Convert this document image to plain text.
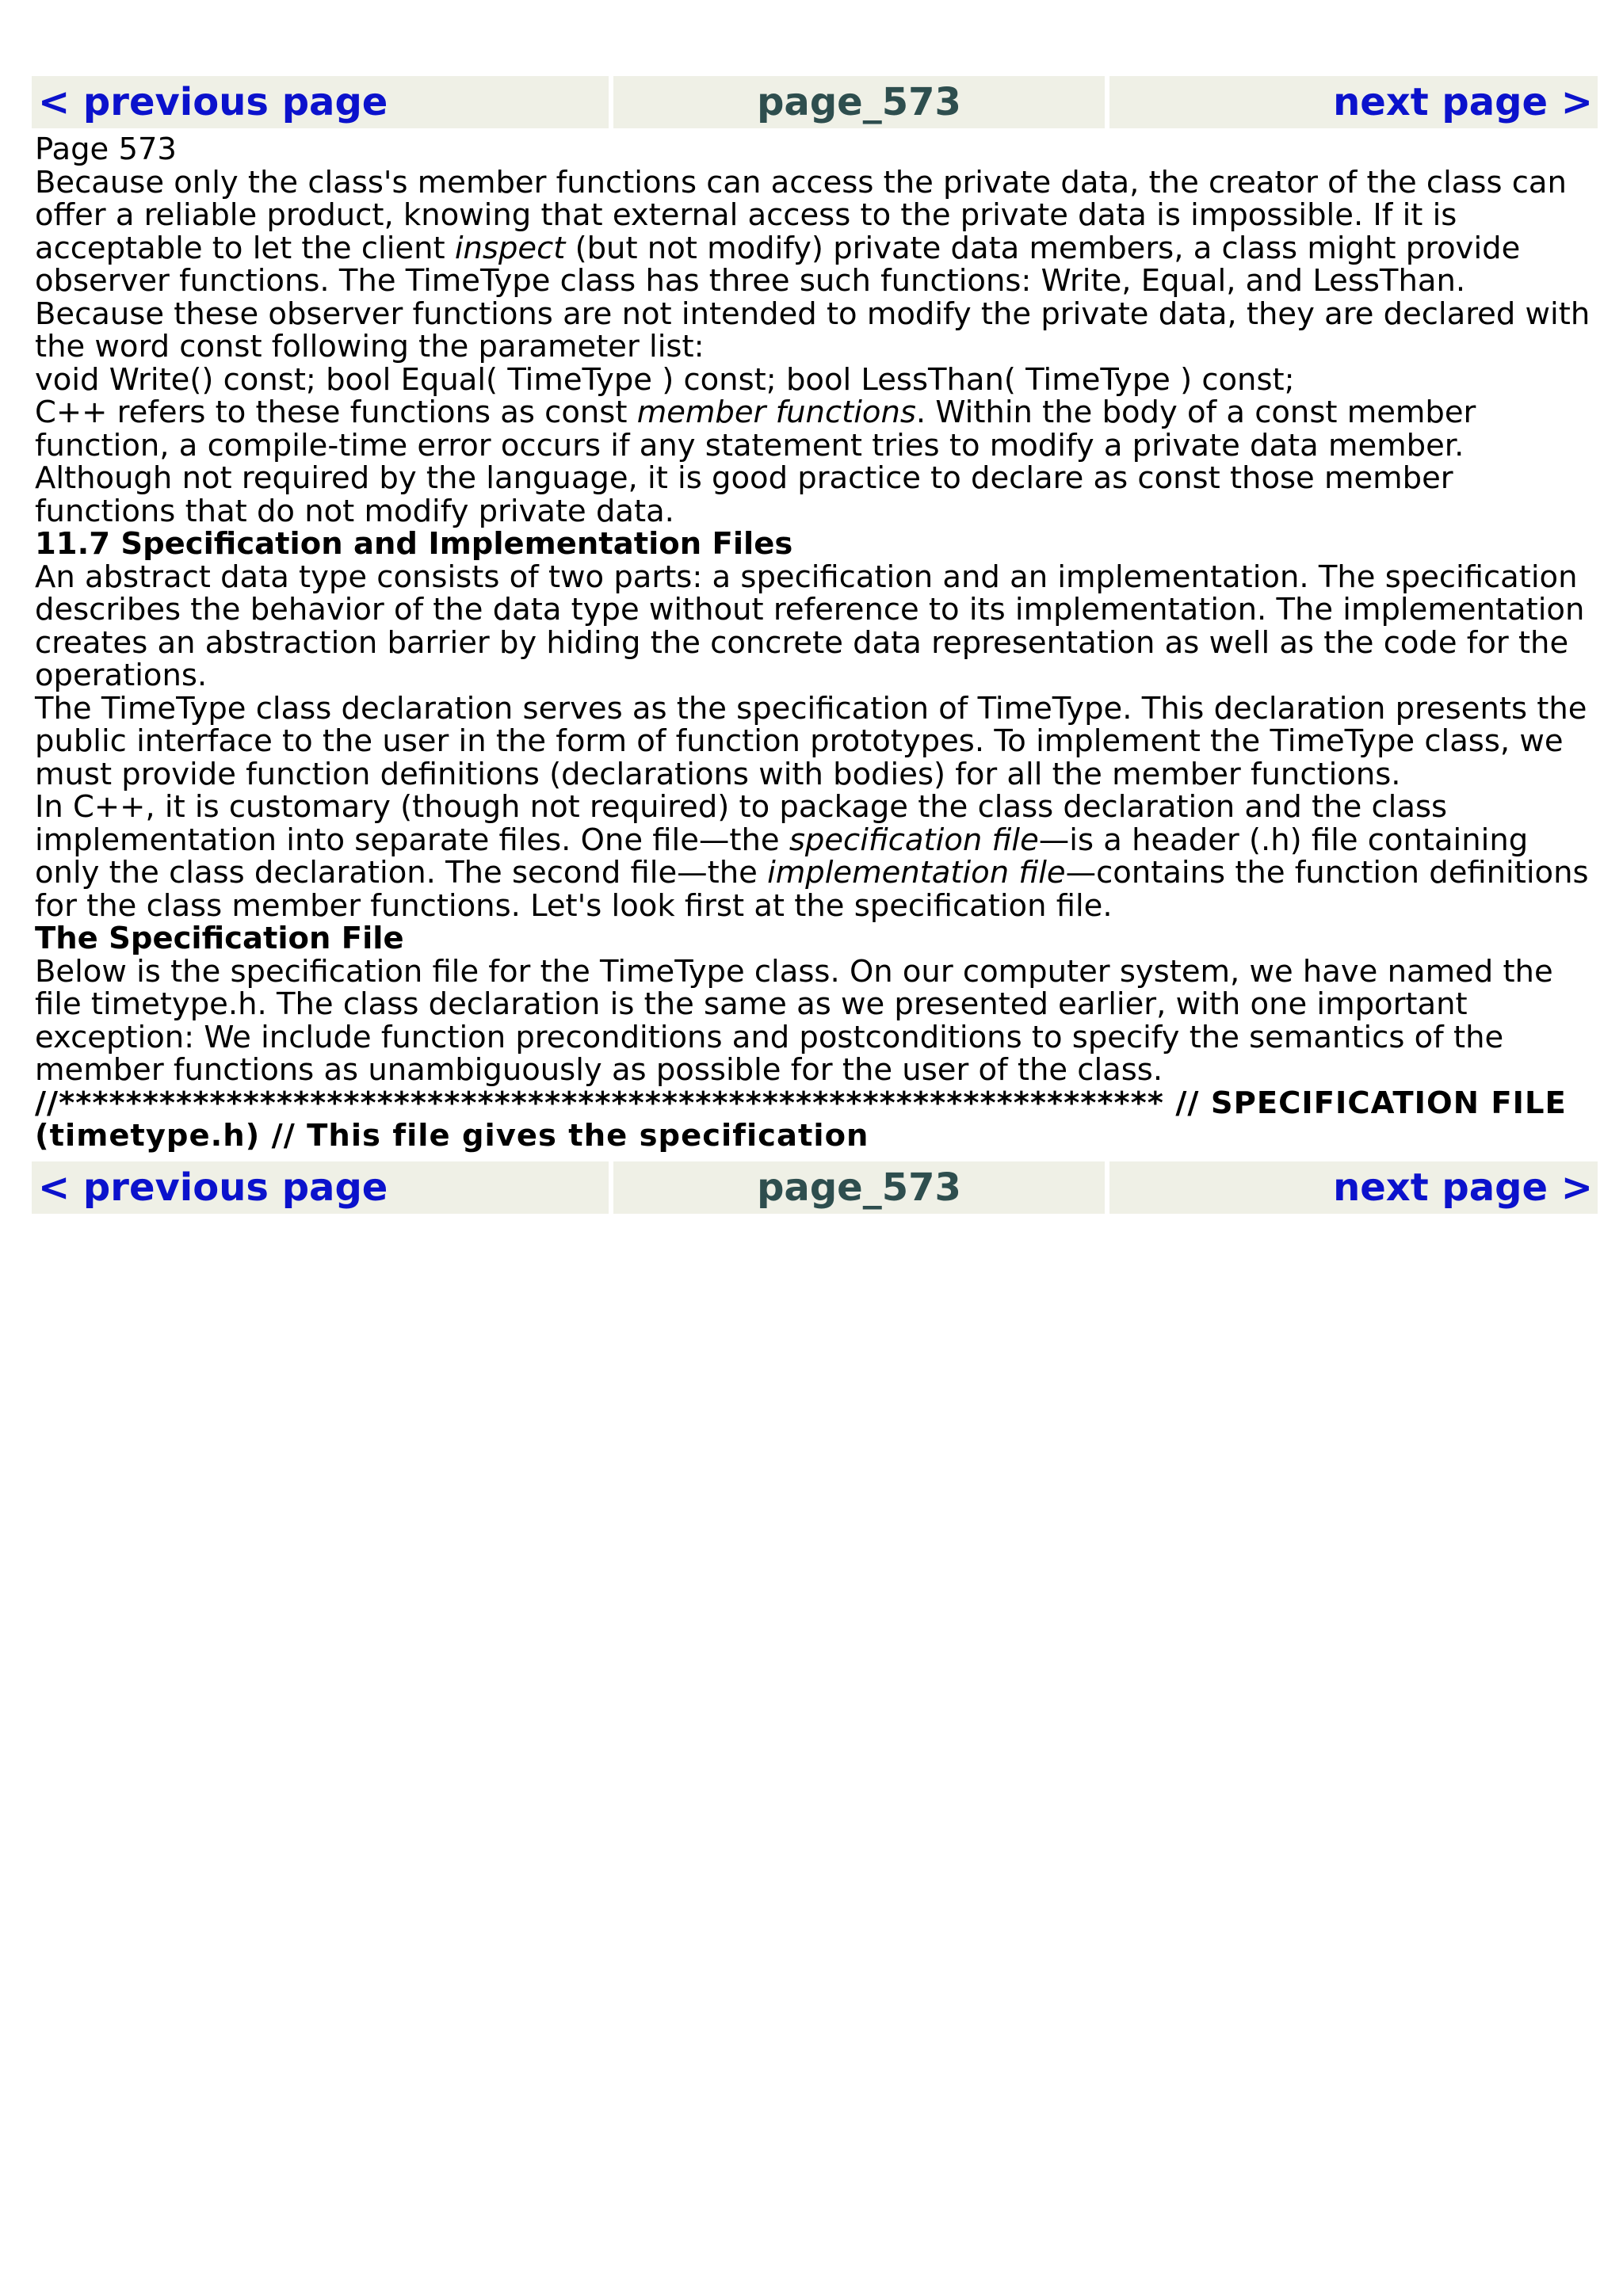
< previous page	page_573	next page >

Page 573

Because only the class's member functions can access the private data, the creator of the class can offer a reliable product, knowing that external access to the private data is impossible. If it is acceptable to let the client inspect (but not modify) private data members, a class might provide observer functions. The TimeType class has three such functions: Write, Equal, and LessThan. Because these observer functions are not intended to modify the private data, they are declared with the word const following the parameter list:

void Write() const; bool Equal( TimeType ) const; bool LessThan( TimeType ) const;

C++ refers to these functions as const member functions. Within the body of a const member function, a compile-time error occurs if any statement tries to modify a private data member. Although not required by the language, it is good practice to declare as const those member functions that do not modify private data.

11.7 Specification and Implementation Files

An abstract data type consists of two parts: a specification and an implementation. The specification describes the behavior of the data type without reference to its implementation. The implementation creates an abstraction barrier by hiding the concrete data representation as well as the code for the operations.

The TimeType class declaration serves as the specification of TimeType. This declaration presents the public interface to the user in the form of function prototypes. To implement the TimeType class, we must provide function definitions (declarations with bodies) for all the member functions.

In C++, it is customary (though not required) to package the class declaration and the class implementation into separate files. One file—the specification file—is a header (.h) file containing only the class declaration. The second file—the implementation file—contains the function definitions for the class member functions. Let's look first at the specification file.

The Specification File

Below is the specification file for the TimeType class. On our computer system, we have named the file timetype.h. The class declaration is the same as we presented earlier, with one important exception: We include function preconditions and postconditions to specify the semantics of the member functions as unambiguously as possible for the user of the class.

//****************************************************************** // SPECIFICATION FILE (timetype.h) // This file gives the specification

< previous page	page_573	next page >
